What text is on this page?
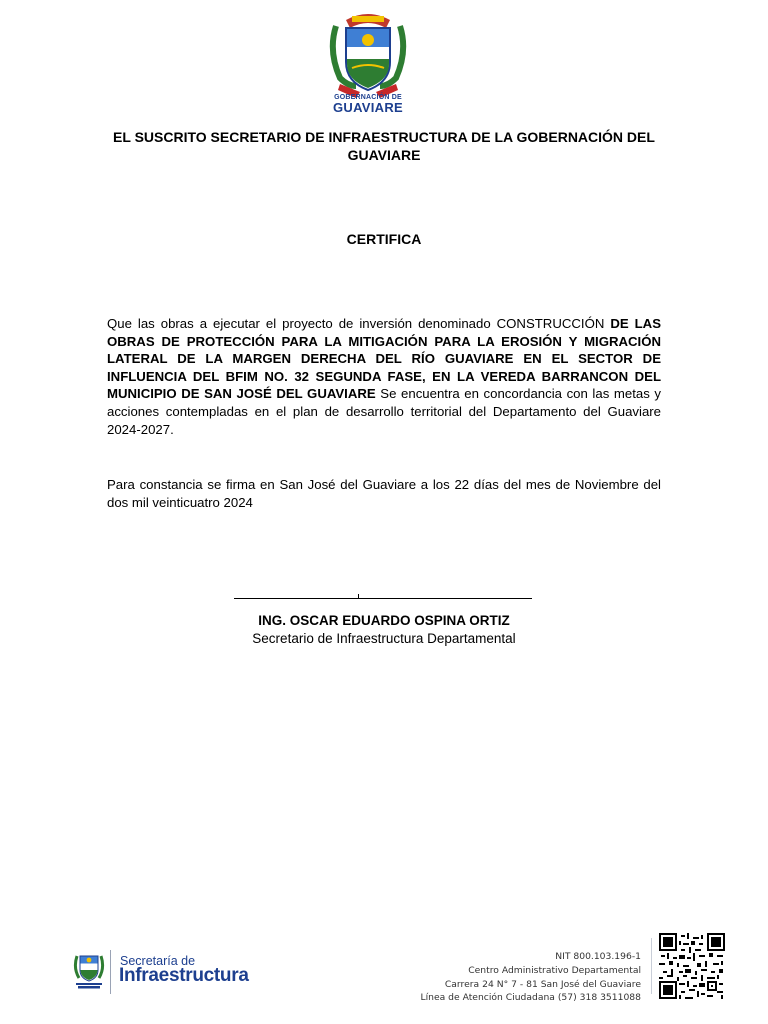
GOBERNACIÓN DE
GUAVIARE
EL SUSCRITO SECRETARIO DE INFRAESTRUCTURA DE LA GOBERNACIÓN DEL
GUAVIARE
CERTIFICA
Que las obras a ejecutar el proyecto de inversión denominado CONSTRUCCIÓN DE LAS OBRAS DE PROTECCIÓN PARA LA MITIGACIÓN PARA LA EROSIÓN Y MIGRACIÓN LATERAL DE LA MARGEN DERECHA DEL RÍO GUAVIARE EN EL SECTOR DE INFLUENCIA DEL BFIM NO. 32 SEGUNDA FASE, EN LA VEREDA BARRANCON DEL MUNICIPIO DE SAN JOSÉ DEL GUAVIARE Se encuentra en concordancia con las metas y acciones contempladas en el plan de desarrollo territorial del Departamento del Guaviare 2024-2027.
Para constancia se firma en San José del Guaviare a los 22 días del mes de Noviembre del dos mil veinticuatro 2024
ING. OSCAR EDUARDO OSPINA ORTIZ
Secretario de Infraestructura Departamental
Secretaría de
Infraestructura
NIT 800.103.196-1
Centro Administrativo Departamental
Carrera 24 N° 7 - 81 San José del Guaviare
Línea de Atención Ciudadana (57) 318 3511088
